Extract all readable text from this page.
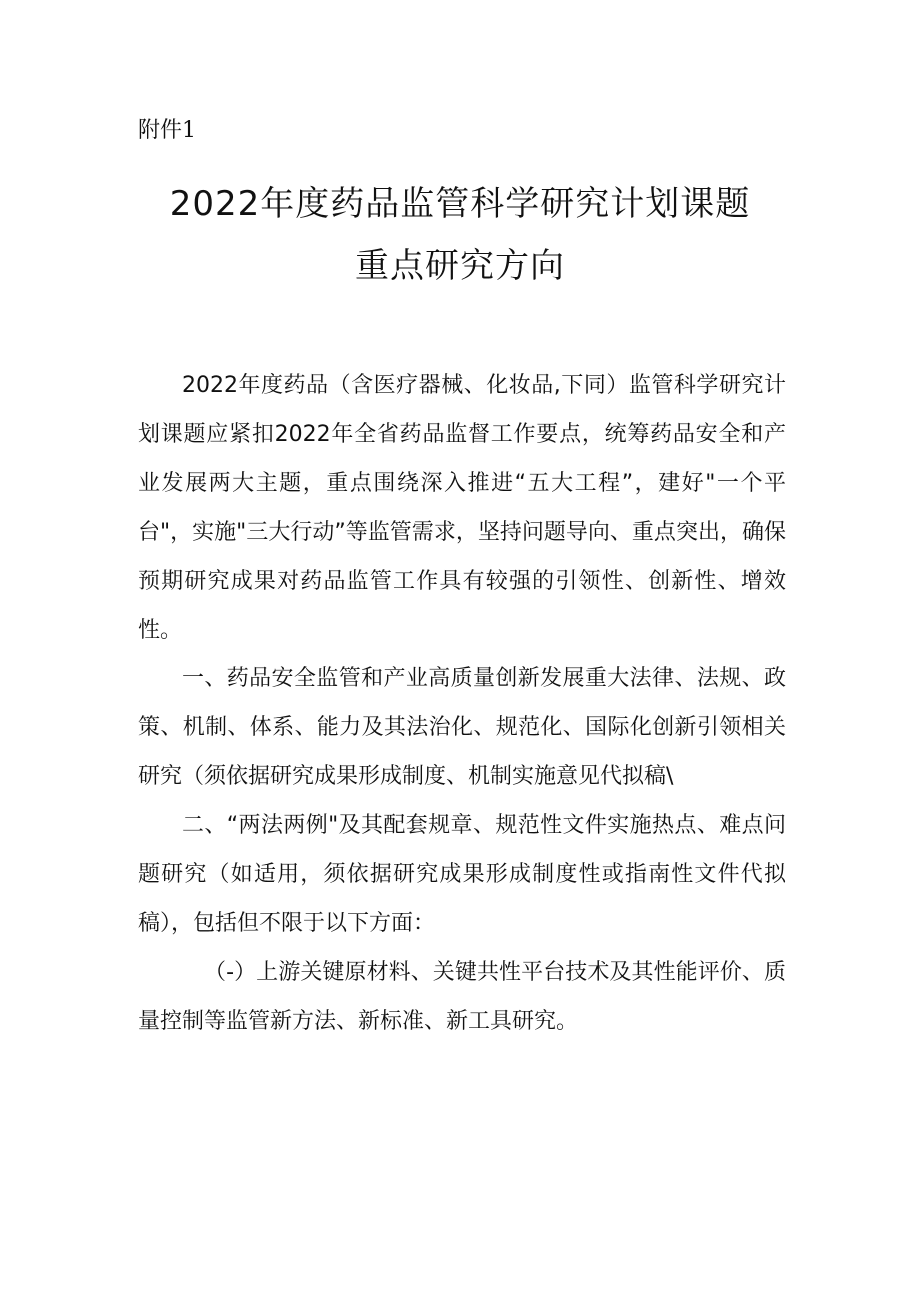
附件1
2022年度药品监管科学研究计划课题
重点研究方向

2022年度药品（含医疗器械、化妆品,下同）监管科学研究计划课题应紧扣2022年全省药品监督工作要点，统筹药品安全和产业发展两大主题，重点围绕深入推进“五大工程”，建好"一个平台"，实施"三大行动”等监管需求，坚持问题导向、重点突出，确保预期研究成果对药品监管工作具有较强的引领性、创新性、增效性。

一、药品安全监管和产业高质量创新发展重大法律、法规、政策、机制、体系、能力及其法治化、规范化、国际化创新引领相关研究（须依据研究成果形成制度、机制实施意见代拟稿\

二、“两法两例"及其配套规章、规范性文件实施热点、难点问题研究（如适用，须依据研究成果形成制度性或指南性文件代拟稿），包括但不限于以下方面：

（-）上游关键原材料、关键共性平台技术及其性能评价、质量控制等监管新方法、新标准、新工具研究。
